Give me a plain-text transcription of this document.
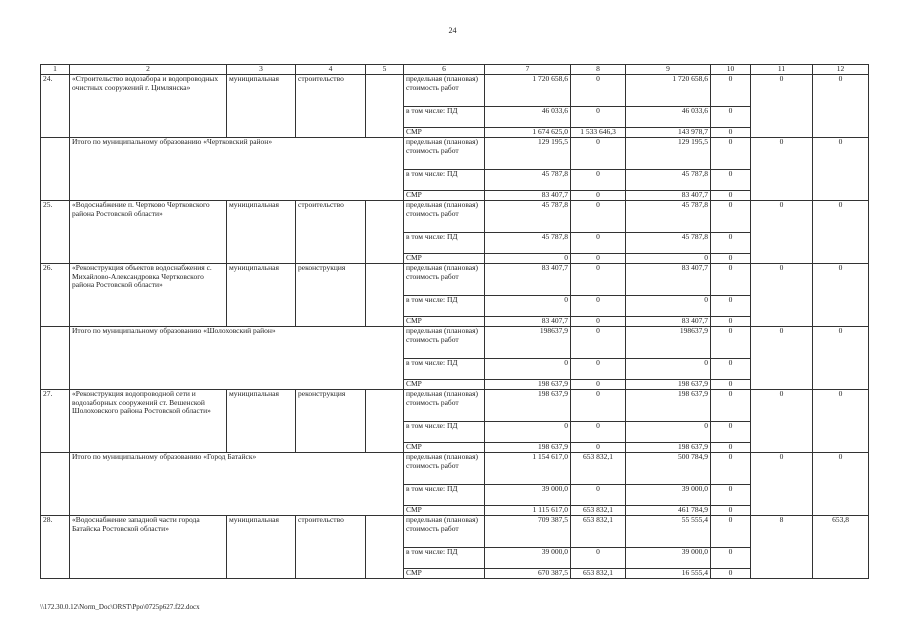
24
1	2	3	4	5	6	7	8	9	10	11	12
24.	«Строительство водозабора и водопроводных очистных сооружений г. Цимлянска»	муниципальная	строительство		предельная (плановая) стоимость работ	1 720 658,6	0	1 720 658,6	0	0	0
					в том числе: ПД	46 033,6	0	46 033,6	0		
					СМР	1 674 625,0	1 533 646,3	143 978,7	0		
	Итого по муниципальному образованию «Чертковский район»				предельная (плановая) стоимость работ	129 195,5	0	129 195,5	0	0	0
					в том числе: ПД	45 787,8	0	45 787,8	0		
					СМР	83 407,7	0	83 407,7	0		
25.	«Водоснабжение п. Чертково Чертковского района Ростовской области»	муниципальная	строительство		предельная (плановая) стоимость работ	45 787,8	0	45 787,8	0	0	0
					в том числе: ПД	45 787,8	0	45 787,8	0		
					СМР	0	0	0	0		
26.	«Реконструкция объектов водоснабжения с. Михайлово-Александровка Чертковского района Ростовской области»	муниципальная	реконструкция		предельная (плановая) стоимость работ	83 407,7	0	83 407,7	0	0	0
					в том числе: ПД	0	0	0	0		
					СМР	83 407,7	0	83 407,7	0		
	Итого по муниципальному образованию «Шолоховский район»				предельная (плановая) стоимость работ	198637,9	0	198637,9	0	0	0
					в том числе: ПД	0	0	0	0		
					СМР	198 637,9	0	198 637,9	0		
27.	«Реконструкция водопроводной сети и водозаборных сооружений ст. Вешенской Шолоховского района Ростовской области»	муниципальная	реконструкция		предельная (плановая) стоимость работ	198 637,9	0	198 637,9	0	0	0
					в том числе: ПД	0	0	0	0		
					СМР	198 637,9	0	198 637,9	0		
	Итого по муниципальному образованию «Город Батайск»				предельная (плановая) стоимость работ	1 154 617,0	653 832,1	500 784,9	0	0	0
					в том числе: ПД	39 000,0	0	39 000,0	0		
					СМР	1 115 617,0	653 832,1	461 784,9	0		
28.	«Водоснабжение западной части города Батайска Ростовской области»	муниципальная	строительство		предельная (плановая) стоимость работ	709 387,5	653 832,1	55 555,4	0	8	653,8
					в том числе: ПД	39 000,0	0	39 000,0	0		
					СМР	670 387,5	653 832,1	16 555,4	0		
\\172.30.0.12\Norm_Doc\ORST\Ppo\0725p627.f22.docx
